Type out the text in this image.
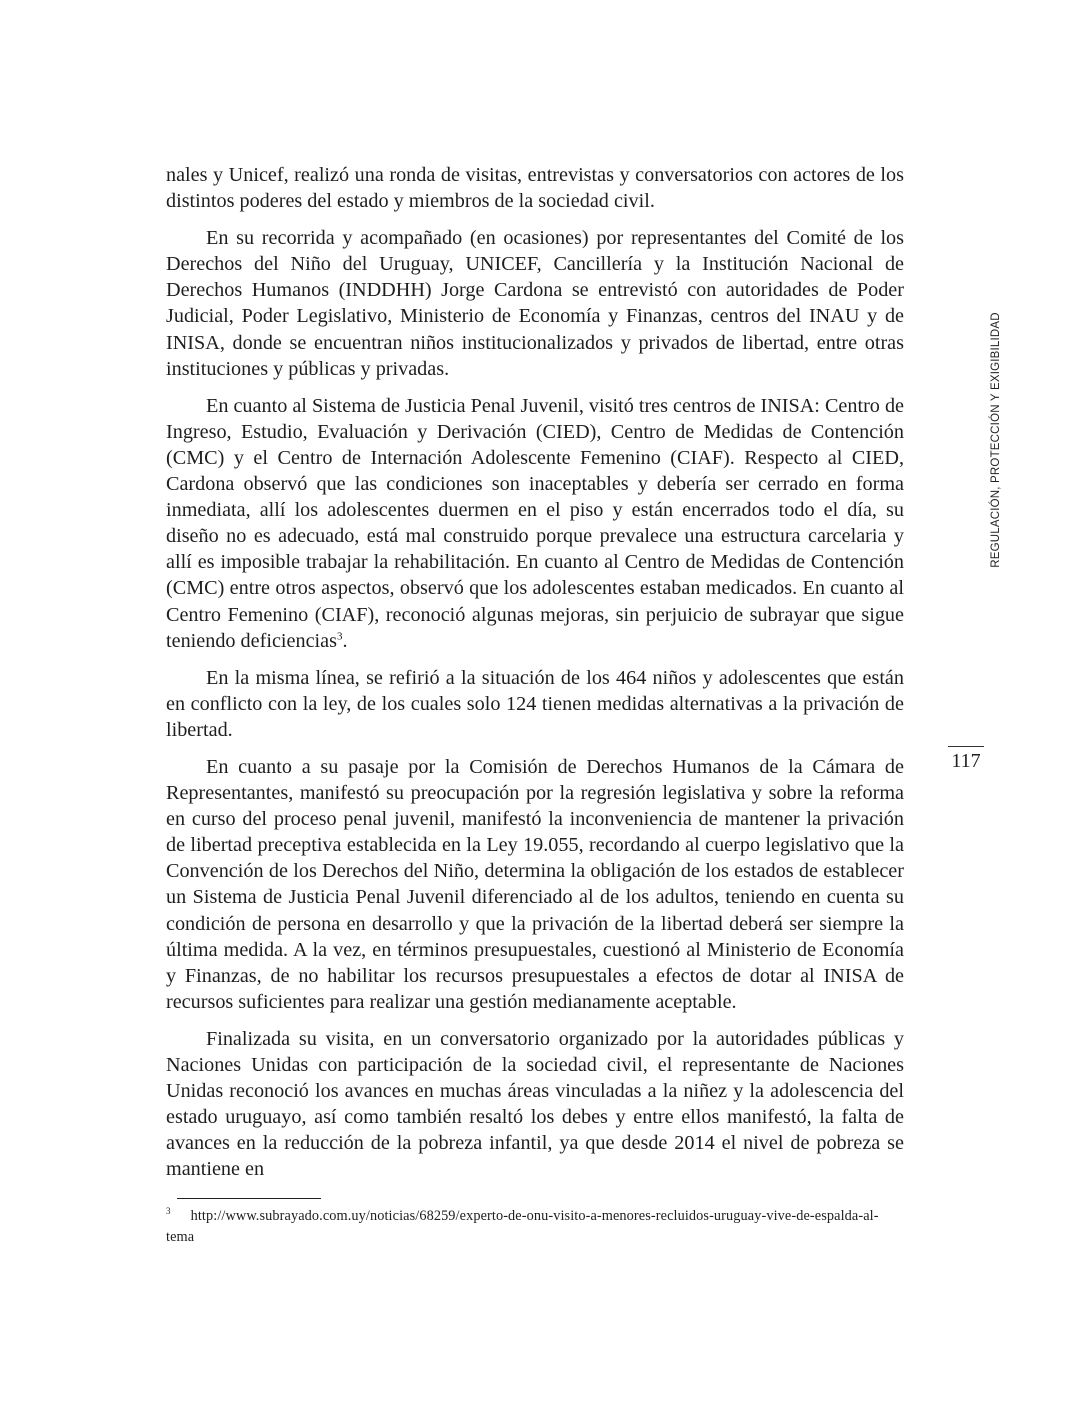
nales y Unicef, realizó una ronda de visitas, entrevistas y conversatorios con actores de los distintos poderes del estado y miembros de la sociedad civil.

En su recorrida y acompañado (en ocasiones) por representantes del Comité de los Derechos del Niño del Uruguay, UNICEF, Cancillería y la Institución Nacional de Derechos Humanos (INDDHH) Jorge Cardona se entrevistó con autoridades de Poder Judicial, Poder Legislativo, Ministerio de Economía y Finanzas, centros del INAU y de INISA, donde se encuentran niños institucionalizados y privados de libertad, entre otras instituciones y públicas y privadas.

En cuanto al Sistema de Justicia Penal Juvenil, visitó tres centros de INISA: Centro de Ingreso, Estudio, Evaluación y Derivación (CIED), Centro de Medidas de Contención (CMC) y el Centro de Internación Adolescente Femenino (CIAF). Respecto al CIED, Cardona observó que las condiciones son inaceptables y debería ser cerrado en forma inmediata, allí los adolescentes duermen en el piso y están encerrados todo el día, su diseño no es adecuado, está mal construido porque prevalece una estructura carcelaria y allí es imposible trabajar la rehabilitación. En cuanto al Centro de Medidas de Contención (CMC) entre otros aspectos, observó que los adolescentes estaban medicados. En cuanto al Centro Femenino (CIAF), reconoció algunas mejoras, sin perjuicio de subrayar que sigue teniendo deficiencias$^3$.

En la misma línea, se refirió a la situación de los 464 niños y adolescentes que están en conflicto con la ley, de los cuales solo 124 tienen medidas alternativas a la privación de libertad.

En cuanto a su pasaje por la Comisión de Derechos Humanos de la Cámara de Representantes, manifestó su preocupación por la regresión legislativa y sobre la reforma en curso del proceso penal juvenil, manifestó la inconveniencia de mantener la privación de libertad preceptiva establecida en la Ley 19.055, recordando al cuerpo legislativo que la Convención de los Derechos del Niño, determina la obligación de los estados de establecer un Sistema de Justicia Penal Juvenil diferenciado al de los adultos, teniendo en cuenta su condición de persona en desarrollo y que la privación de la libertad deberá ser siempre la última medida. A la vez, en términos presupuestales, cuestionó al Ministerio de Economía y Finanzas, de no habilitar los recursos presupuestales a efectos de dotar al INISA de recursos suficientes para realizar una gestión medianamente aceptable.

Finalizada su visita, en un conversatorio organizado por la autoridades públicas y Naciones Unidas con participación de la sociedad civil, el representante de Naciones Unidas reconoció los avances en muchas áreas vinculadas a la niñez y la adolescencia del estado uruguayo, así como también resaltó los debes y entre ellos manifestó, la falta de avances en la reducción de la pobreza infantil, ya que desde 2014 el nivel de pobreza se mantiene en

REGULACIÓN, PROTECCIÓN Y EXIGIBILIDAD
117
$^3$ http://www.subrayado.com.uy/noticias/68259/experto-de-onu-visito-a-menores-recluidos-uruguay-vive-de-espalda-al-tema
